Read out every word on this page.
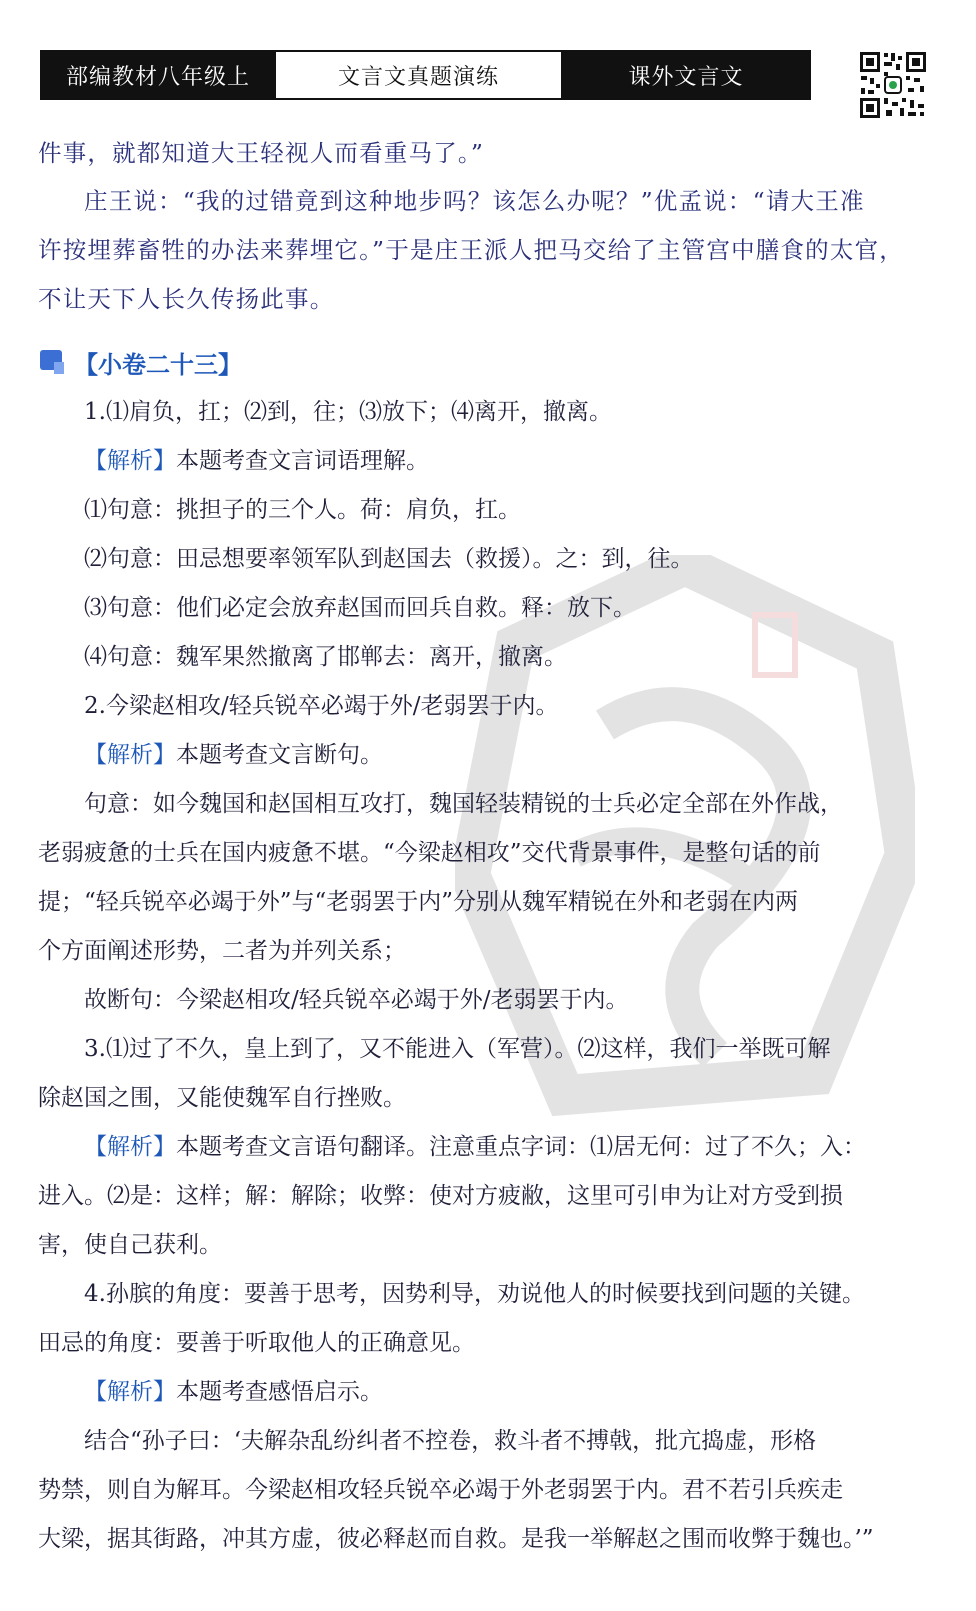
部编教材八年级上	文言文真题演练	课外文言文
件事，就都知道大王轻视人而看重马了。”
庄王说：“我的过错竟到这种地步吗？该怎么办呢？”优孟说：“请大王准
许按埋葬畜牲的办法来葬埋它。”于是庄王派人把马交给了主管宫中膳食的太官，
不让天下人长久传扬此事。
【小卷二十三】
1.⑴肩负，扛；⑵到，往；⑶放下；⑷离开，撤离。
【解析】本题考查文言词语理解。
⑴句意：挑担子的三个人。荷：肩负，扛。
⑵句意：田忌想要率领军队到赵国去（救援）。之：到，往。
⑶句意：他们必定会放弃赵国而回兵自救。释：放下。
⑷句意：魏军果然撤离了邯郸去：离开，撤离。
2.今梁赵相攻/轻兵锐卒必竭于外/老弱罢于内。
【解析】本题考查文言断句。
句意：如今魏国和赵国相互攻打，魏国轻装精锐的士兵必定全部在外作战，
老弱疲惫的士兵在国内疲惫不堪。“今梁赵相攻”交代背景事件，是整句话的前
提；“轻兵锐卒必竭于外”与“老弱罢于内”分别从魏军精锐在外和老弱在内两
个方面阐述形势，二者为并列关系；
故断句：今梁赵相攻/轻兵锐卒必竭于外/老弱罢于内。
3.⑴过了不久，皇上到了，又不能进入（军营）。⑵这样，我们一举既可解
除赵国之围，又能使魏军自行挫败。
【解析】本题考查文言语句翻译。注意重点字词：⑴居无何：过了不久；入：
进入。⑵是：这样；解：解除；收弊：使对方疲敝，这里可引申为让对方受到损
害，使自己获利。
4.孙膑的角度：要善于思考，因势利导，劝说他人的时候要找到问题的关键。
田忌的角度：要善于听取他人的正确意见。
【解析】本题考查感悟启示。
结合“孙子曰：‘夫解杂乱纷纠者不控卷，救斗者不搏戟，批亢捣虚，形格
势禁，则自为解耳。今梁赵相攻轻兵锐卒必竭于外老弱罢于内。君不若引兵疾走
大梁，据其街路，冲其方虚，彼必释赵而自救。是我一举解赵之围而收弊于魏也。’”
